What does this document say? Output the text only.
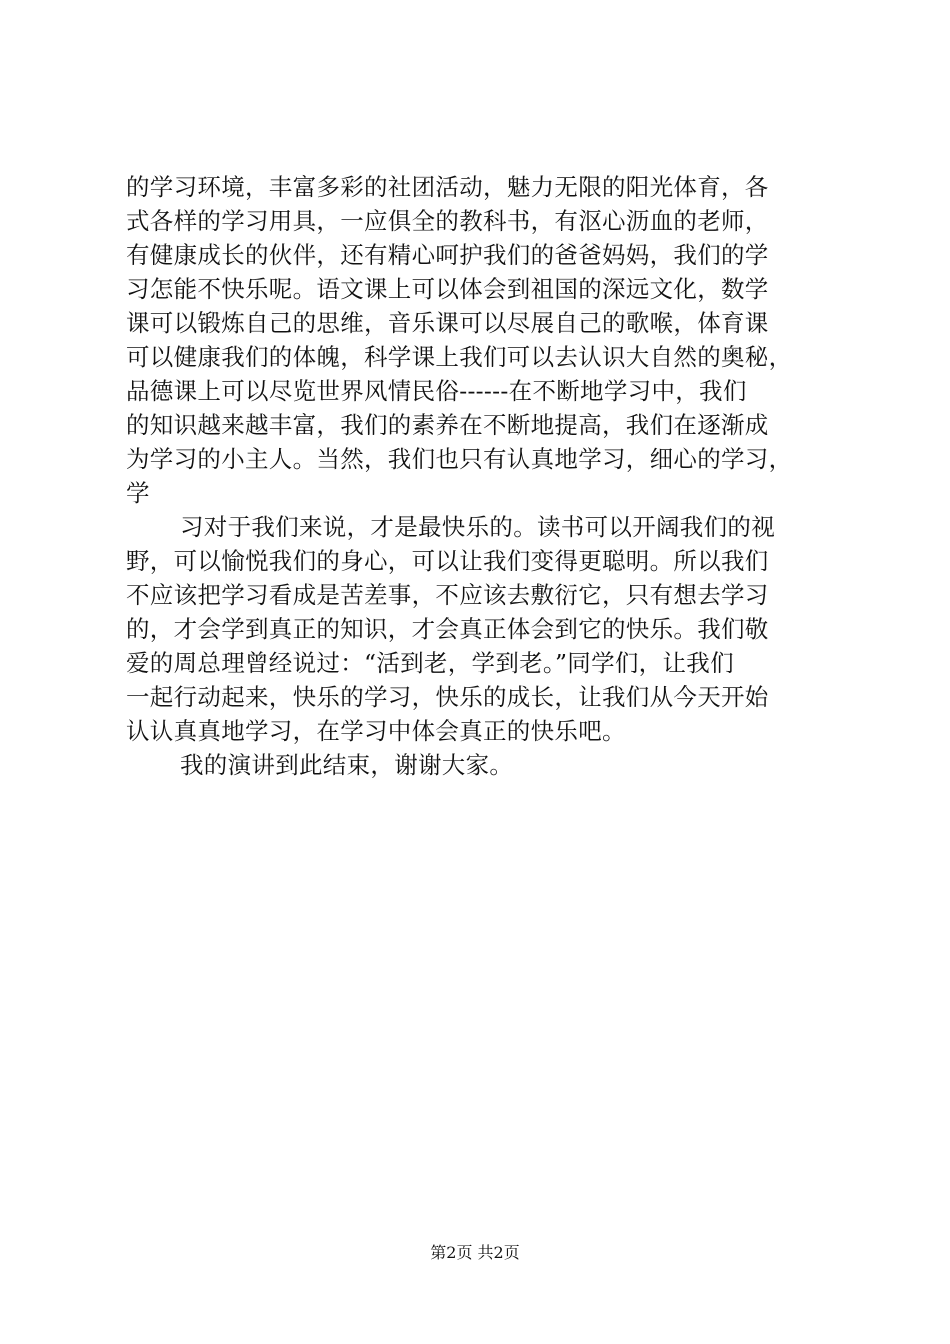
的学习环境，丰富多彩的社团活动，魅力无限的阳光体育，各
式各样的学习用具，一应俱全的教科书，有沤心沥血的老师，
有健康成长的伙伴，还有精心呵护我们的爸爸妈妈，我们的学
习怎能不快乐呢。语文课上可以体会到祖国的深远文化，数学
课可以锻炼自己的思维，音乐课可以尽展自己的歌喉，体育课
可以健康我们的体魄，科学课上我们可以去认识大自然的奥秘，
品德课上可以尽览世界风情民俗------在不断地学习中，我们
的知识越来越丰富，我们的素养在不断地提高，我们在逐渐成
为学习的小主人。当然，我们也只有认真地学习，细心的学习，
学
习对于我们来说，才是最快乐的。读书可以开阔我们的视
野，可以愉悦我们的身心，可以让我们变得更聪明。所以我们
不应该把学习看成是苦差事，不应该去敷衍它，只有想去学习
的，才会学到真正的知识，才会真正体会到它的快乐。我们敬
爱的周总理曾经说过：“活到老，学到老。”同学们，让我们
一起行动起来，快乐的学习，快乐的成长，让我们从今天开始
认认真真地学习，在学习中体会真正的快乐吧。
我的演讲到此结束，谢谢大家。
第2页 共2页
